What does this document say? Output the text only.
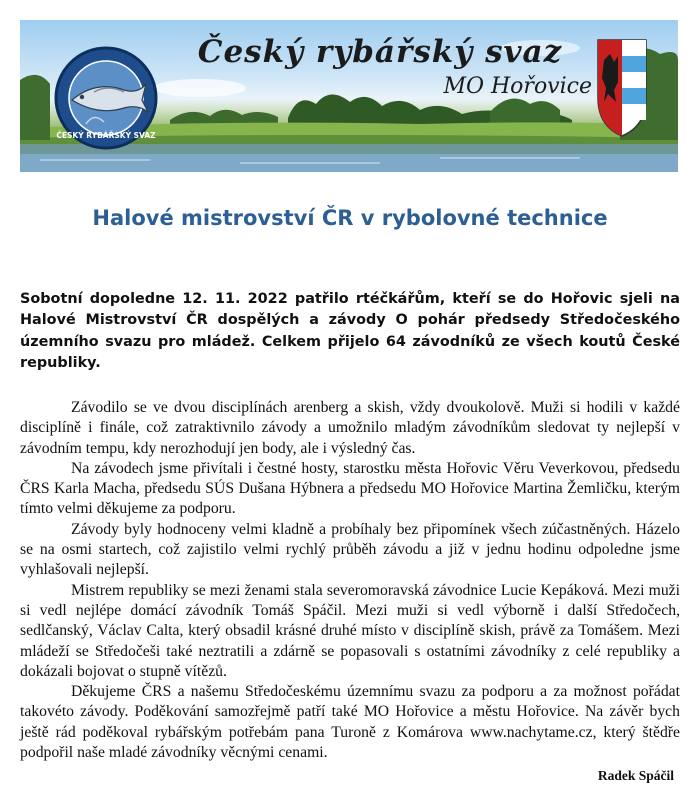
ČESKÝ RYBÁŘSKÝ SVAZ
Český rybářský svaz
MO Hořovice
Halové mistrovství ČR v rybolovné technice

Sobotní dopoledne 12. 11. 2022 patřilo rtéčkářům, kteří se do Hořovic sjeli na Halové Mistrovství ČR dospělých a závody O pohár předsedy Středočeského územního svazu pro mládež. Celkem přijelo 64 závodníků ze všech koutů České republiky.

Závodilo se ve dvou disciplínách arenberg a skish, vždy dvoukolově. Muži si hodili v každé disciplíně i finále, což zatraktivnilo závody a umožnilo mladým závodníkům sledovat ty nejlepší v závodním tempu, kdy nerozhodují jen body, ale i výsledný čas.

Na závodech jsme přivítali i čestné hosty, starostku města Hořovic Věru Veverkovou, předsedu ČRS Karla Macha, předsedu SÚS Dušana Hýbnera a předsedu MO Hořovice Martina Žemličku, kterým tímto velmi děkujeme za podporu.

Závody byly hodnoceny velmi kladně a probíhaly bez připomínek všech zúčastněných. Házelo se na osmi startech, což zajistilo velmi rychlý průběh závodu a již v jednu hodinu odpoledne jsme vyhlašovali nejlepší.

Mistrem republiky se mezi ženami stala severomoravská závodnice Lucie Kepáková. Mezi muži si vedl nejlépe domácí závodník Tomáš Spáčil. Mezi muži si vedl výborně i další Středočech, sedlčanský, Václav Calta, který obsadil krásné druhé místo v disciplíně skish, právě za Tomášem. Mezi mládeží se Středočeši také neztratili a zdárně se popasovali s ostatními závodníky z celé republiky a dokázali bojovat o stupně vítězů.

Děkujeme ČRS a našemu Středočeskému územnímu svazu za podporu a za možnost pořádat takovéto závody. Poděkování samozřejmě patří také MO Hořovice a městu Hořovice. Na závěr bych ještě rád poděkoval rybářským potřebám pana Turoně z Komárova www.nachytame.cz, který štědře podpořil naše mladé závodníky věcnými cenami.

Radek Spáčil
